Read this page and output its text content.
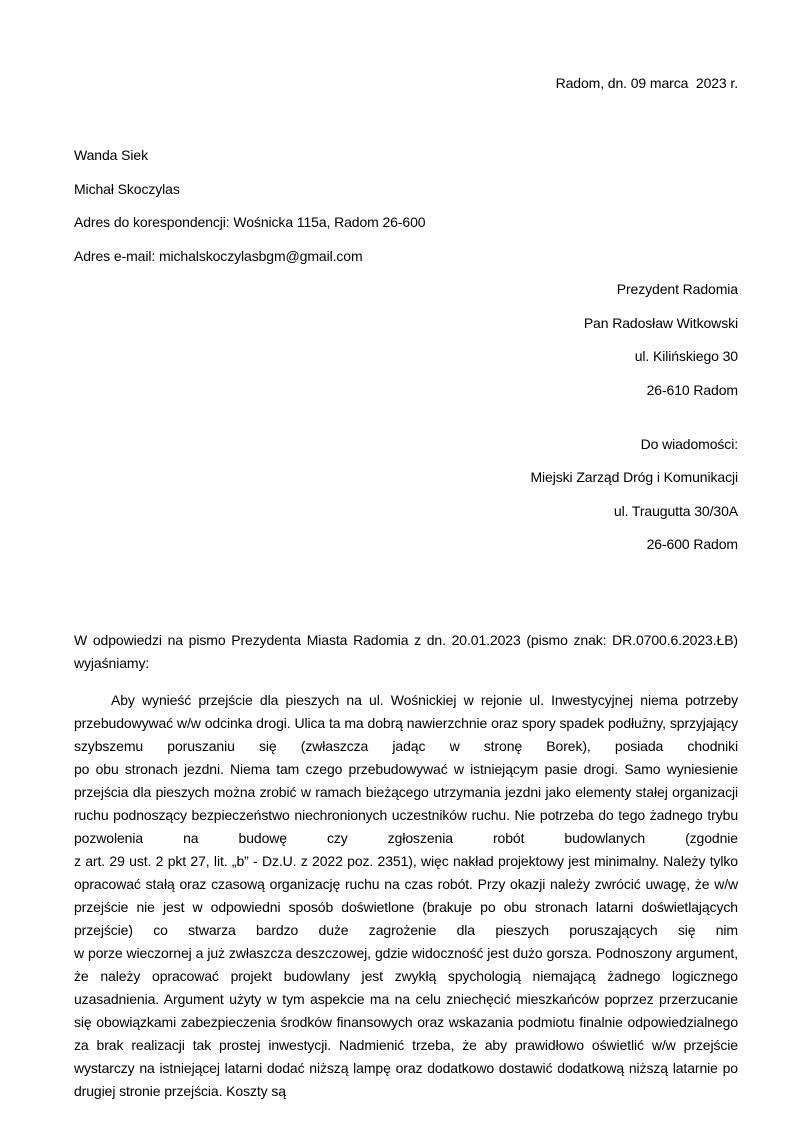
Radom, dn. 09 marca  2023 r.

Wanda Siek

Michał Skoczylas

Adres do korespondencji: Wośnicka 115a, Radom 26-600

Adres e-mail: michalskoczylasbgm@gmail.com

Prezydent Radomia

Pan Radosław Witkowski

ul. Kilińskiego 30

26-610 Radom

Do wiadomości:

Miejski Zarząd Dróg i Komunikacji

ul. Traugutta 30/30A

26-600 Radom

W odpowiedzi na pismo Prezydenta Miasta Radomia z dn. 20.01.2023 (pismo znak: DR.0700.6.2023.ŁB) wyjaśniamy:

Aby wynieść przejście dla pieszych na ul. Wośnickiej w rejonie ul. Inwestycyjnej niema potrzeby przebudowywać w/w odcinka drogi. Ulica ta ma dobrą nawierzchnie oraz spory spadek podłużny, sprzyjający szybszemu poruszaniu się (zwłaszcza jadąc w stronę Borek), posiada chodniki

po obu stronach jezdni. Niema tam czego przebudowywać w istniejącym pasie drogi. Samo wyniesienie przejścia dla pieszych można zrobić w ramach bieżącego utrzymania jezdni jako elementy stałej organizacji ruchu podnoszący bezpieczeństwo niechronionych uczestników ruchu. Nie potrzeba do tego żadnego trybu pozwolenia na budowę czy zgłoszenia robót budowlanych (zgodnie

z art. 29 ust. 2 pkt 27, lit. „b” - Dz.U. z 2022 poz. 2351), więc nakład projektowy jest minimalny. Należy tylko opracować stałą oraz czasową organizację ruchu na czas robót. Przy okazji należy zwrócić uwagę, że w/w przejście nie jest w odpowiedni sposób doświetlone (brakuje po obu stronach latarni doświetlających przejście) co stwarza bardzo duże zagrożenie dla pieszych poruszających się nim

w porze wieczornej a już zwłaszcza deszczowej, gdzie widoczność jest dużo gorsza. Podnoszony argument, że należy opracować projekt budowlany jest zwykłą spychologią niemającą żadnego logicznego uzasadnienia. Argument użyty w tym aspekcie ma na celu zniechęcić mieszkańców poprzez przerzucanie się obowiązkami zabezpieczenia środków finansowych oraz wskazania podmiotu finalnie odpowiedzialnego za brak realizacji tak prostej inwestycji. Nadmienić trzeba, że aby prawidłowo oświetlić w/w przejście wystarczy na istniejącej latarni dodać niższą lampę oraz dodatkowo dostawić dodatkową niższą latarnie po drugiej stronie przejścia. Koszty są
